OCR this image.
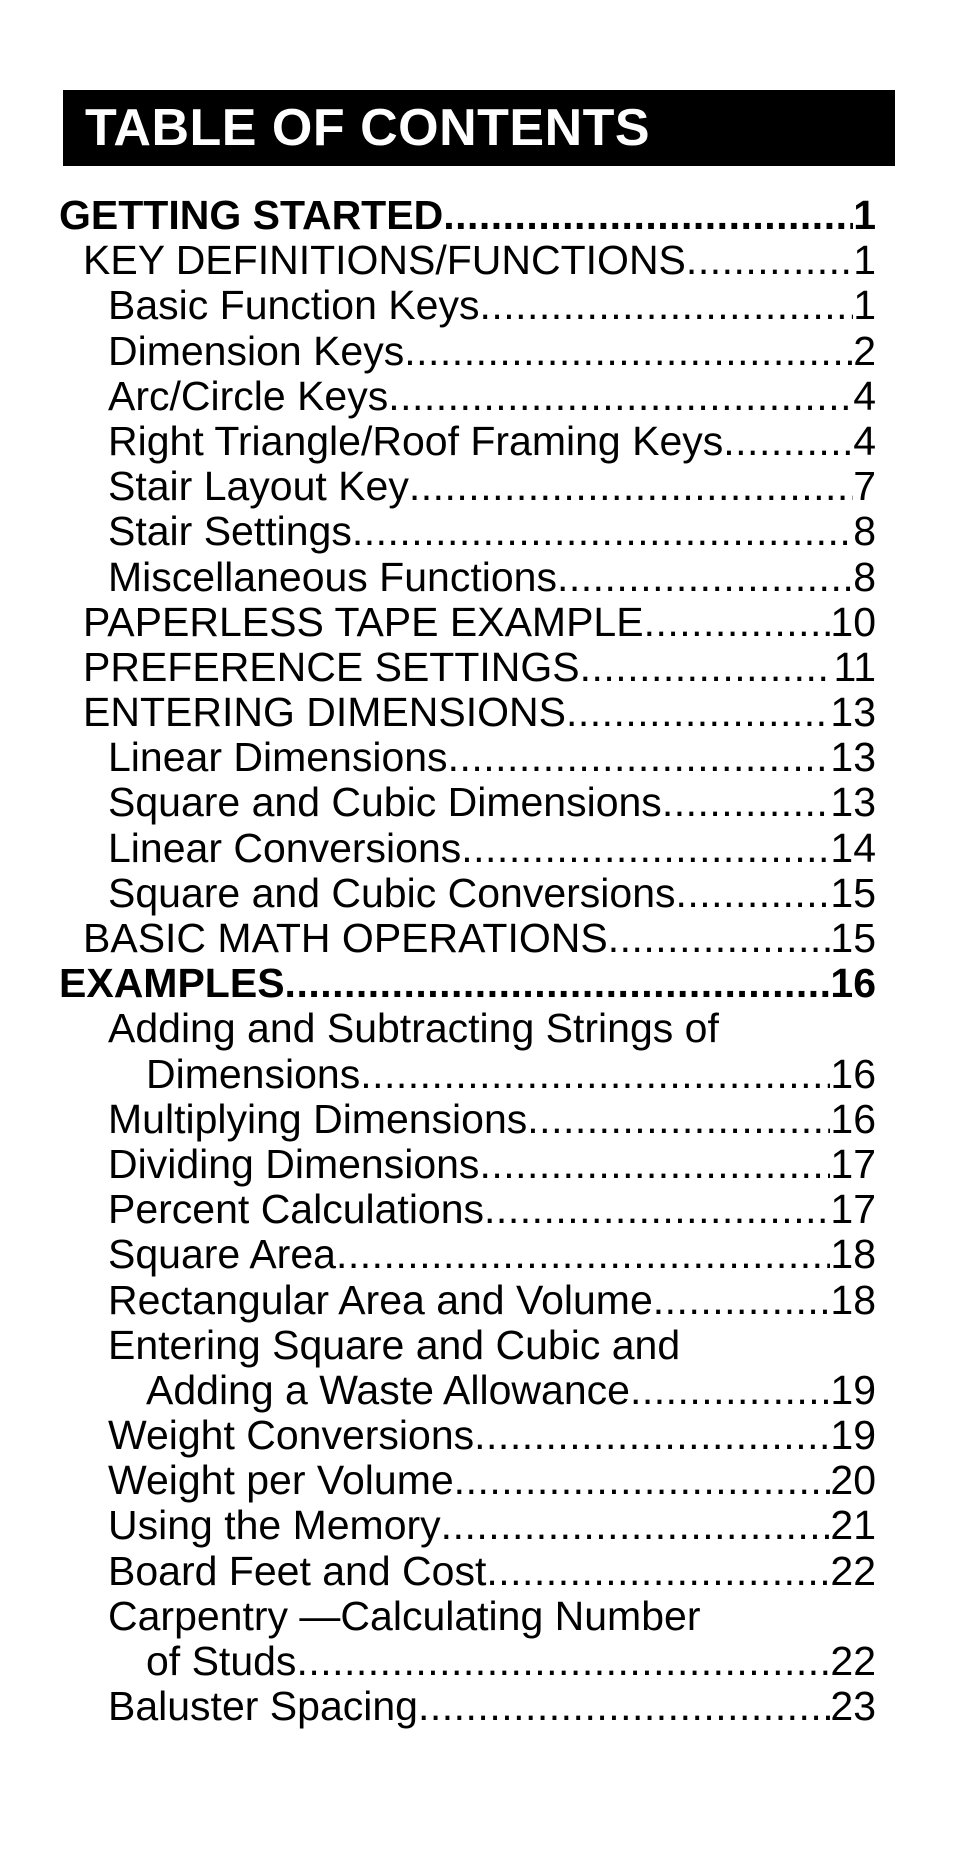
TABLE OF CONTENTS
GETTING STARTED .....	1
KEY DEFINITIONS/FUNCTIONS .....	1
Basic Function Keys .....	1
Dimension Keys .....	2
Arc/Circle Keys .....	4
Right Triangle/Roof Framing Keys .....	4
Stair Layout Key .....	7
Stair Settings .....	8
Miscellaneous Functions .....	8
PAPERLESS TAPE EXAMPLE .....	10
PREFERENCE SETTINGS .....	11
ENTERING DIMENSIONS .....	13
Linear Dimensions .....	13
Square and Cubic Dimensions .....	13
Linear Conversions .....	14
Square and Cubic Conversions .....	15
BASIC MATH OPERATIONS .....	15
EXAMPLES .....	16
Adding and Subtracting Strings of
Dimensions .....	16
Multiplying Dimensions .....	16
Dividing Dimensions .....	17
Percent Calculations .....	17
Square Area .....	18
Rectangular Area and Volume .....	18
Entering Square and Cubic and
Adding a Waste Allowance .....	19
Weight Conversions .....	19
Weight per Volume .....	20
Using the Memory .....	21
Board Feet and Cost .....	22
Carpentry — Calculating Number
of Studs .....	22
Baluster Spacing .....	23
